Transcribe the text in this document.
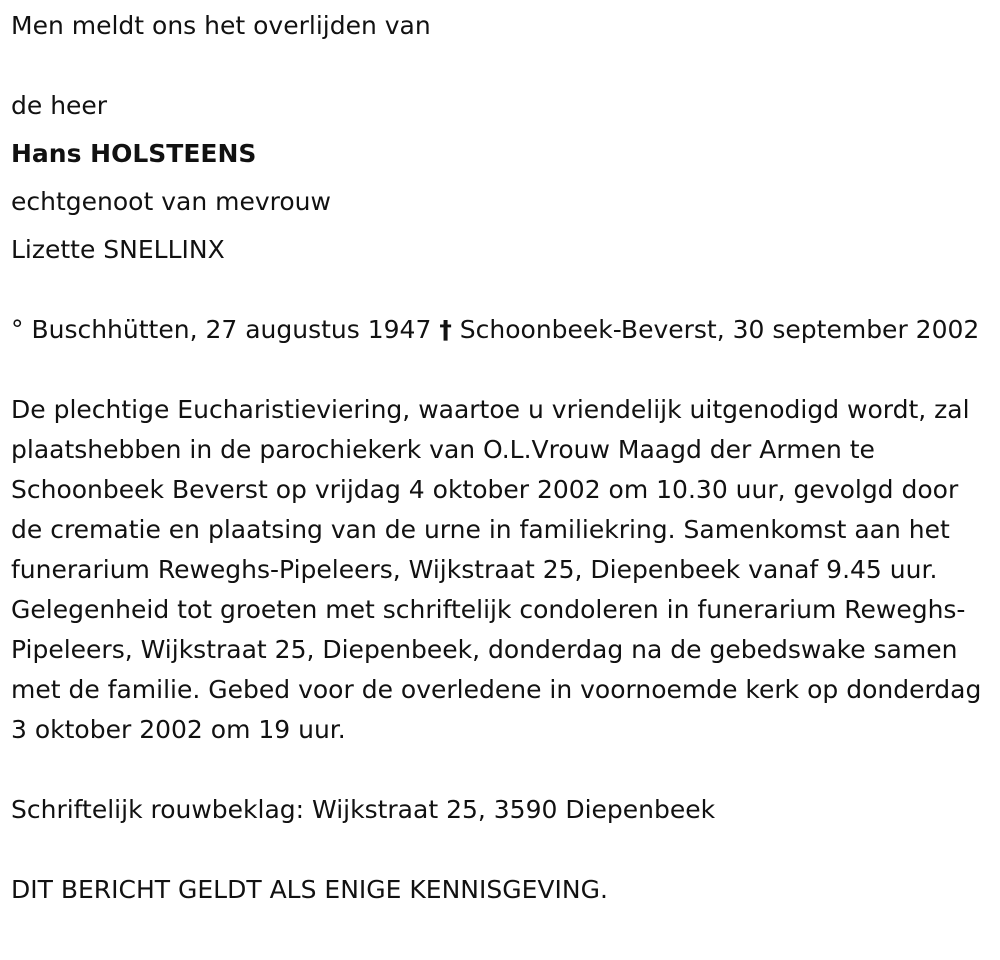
Men meldt ons het overlijden van

de heer

Hans HOLSTEENS

echtgenoot van mevrouw

Lizette SNELLINX

° Buschhütten, 27 augustus 1947 † Schoonbeek-Beverst, 30 september 2002

De plechtige Eucharistieviering, waartoe u vriendelijk uitgenodigd wordt, zal plaatshebben in de parochiekerk van O.L.Vrouw Maagd der Armen te Schoonbeek Beverst op vrijdag 4 oktober 2002 om 10.30 uur, gevolgd door de crematie en plaatsing van de urne in familiekring. Samenkomst aan het funerarium Reweghs-Pipeleers, Wijkstraat 25, Diepenbeek vanaf 9.45 uur. Gelegenheid tot groeten met schriftelijk condoleren in funerarium Reweghs-Pipeleers, Wijkstraat 25, Diepenbeek, donderdag na de gebedswake samen met de familie. Gebed voor de overledene in voornoemde kerk op donderdag 3 oktober 2002 om 19 uur.

Schriftelijk rouwbeklag: Wijkstraat 25, 3590 Diepenbeek

DIT BERICHT GELDT ALS ENIGE KENNISGEVING.
